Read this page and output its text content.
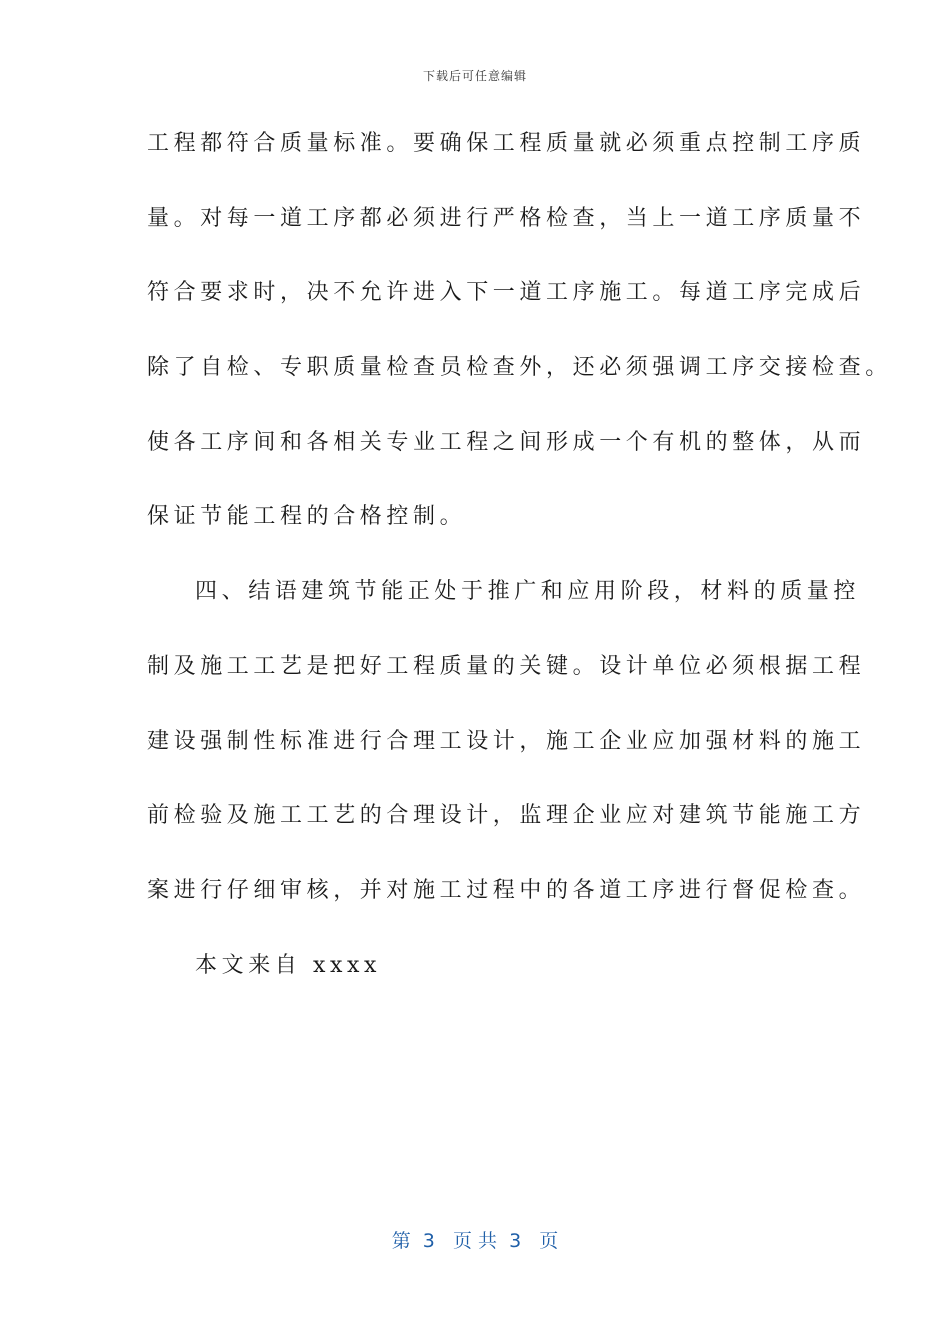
下载后可任意编辑
工程都符合质量标准。要确保工程质量就必须重点控制工序质
量。对每一道工序都必须进行严格检查，当上一道工序质量不
符合要求时，决不允许进入下一道工序施工。每道工序完成后
除了自检、专职质量检查员检查外，还必须强调工序交接检查。
使各工序间和各相关专业工程之间形成一个有机的整体，从而
保证节能工程的合格控制。
四、结语建筑节能正处于推广和应用阶段，材料的质量控
制及施工工艺是把好工程质量的关键。设计单位必须根据工程
建设强制性标准进行合理工设计，施工企业应加强材料的施工
前检验及施工工艺的合理设计，监理企业应对建筑节能施工方
案进行仔细审核，并对施工过程中的各道工序进行督促检查。
本文来自 xxxx
第  3   页 共  3   页
